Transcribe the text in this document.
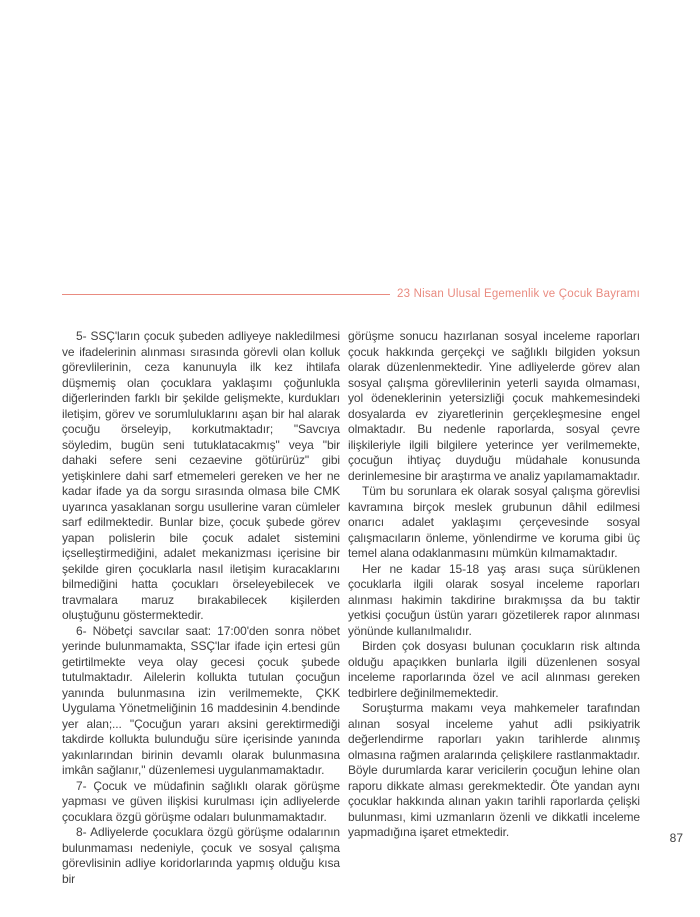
23 Nisan Ulusal Egemenlik ve Çocuk Bayramı

5- SSÇ'ların çocuk şubeden adliyeye nakledilmesi ve ifadelerinin alınması sırasında görevli olan kolluk görevlilerinin, ceza kanunuyla ilk kez ihtilafa düşmemiş olan çocuklara yaklaşımı çoğunlukla diğerlerinden farklı bir şekilde gelişmekte, kurdukları iletişim, görev ve sorumluluklarını aşan bir hal alarak çocuğu örseleyip, korkutmaktadır; "Savcıya söyledim, bugün seni tutuklatacakmış" veya "bir dahaki sefere seni cezaevine götürürüz" gibi yetişkinlere dahi sarf etmemeleri gereken ve her ne kadar ifade ya da sorgu sırasında olmasa bile CMK uyarınca yasaklanan sorgu usullerine varan cümleler sarf edilmektedir. Bunlar bize, çocuk şubede görev yapan polislerin bile çocuk adalet sistemini içselleştirmediğini, adalet mekanizması içerisine bir şekilde giren çocuklarla nasıl iletişim kuracaklarını bilmediğini hatta çocukları örseleyebilecek ve travmalara maruz bırakabilecek kişilerden oluştuğunu göstermektedir.

6- Nöbetçi savcılar saat: 17:00'den sonra nöbet yerinde bulunmamakta, SSÇ'lar ifade için ertesi gün getirtilmekte veya olay gecesi çocuk şubede tutulmaktadır. Ailelerin kollukta tutulan çocuğun yanında bulunmasına izin verilmemekte, ÇKK Uygulama Yönetmeliğinin 16 maddesinin 4.bendinde yer alan;... "Çocuğun yararı aksini gerektirmediği takdirde kollukta bulunduğu süre içerisinde yanında yakınlarından birinin devamlı olarak bulunmasına imkân sağlanır," düzenlemesi uygulanmamaktadır.

7- Çocuk ve müdafinin sağlıklı olarak görüşme yapması ve güven ilişkisi kurulması için adliyelerde çocuklara özgü görüşme odaları bulunmamaktadır.

8- Adliyelerde çocuklara özgü görüşme odalarının bulunmaması nedeniyle, çocuk ve sosyal çalışma görevlisinin adliye koridorlarında yapmış olduğu kısa bir

görüşme sonucu hazırlanan sosyal inceleme raporları çocuk hakkında gerçekçi ve sağlıklı bilgiden yoksun olarak düzenlenmektedir. Yine adliyelerde görev alan sosyal çalışma görevlilerinin yeterli sayıda olmaması, yol ödeneklerinin yetersizliği çocuk mahkemesindeki dosyalarda ev ziyaretlerinin gerçekleşmesine engel olmaktadır. Bu nedenle raporlarda, sosyal çevre ilişkileriyle ilgili bilgilere yeterince yer verilmemekte, çocuğun ihtiyaç duyduğu müdahale konusunda derinlemesine bir araştırma ve analiz yapılamamaktadır.

Tüm bu sorunlara ek olarak sosyal çalışma görevlisi kavramına birçok meslek grubunun dâhil edilmesi onarıcı adalet yaklaşımı çerçevesinde sosyal çalışmacıların önleme, yönlendirme ve koruma gibi üç temel alana odaklanmasını mümkün kılmamaktadır.

Her ne kadar 15-18 yaş arası suça sürüklenen çocuklarla ilgili olarak sosyal inceleme raporları alınması hakimin takdirine bırakmışsa da bu taktir yetkisi çocuğun üstün yararı gözetilerek rapor alınması yönünde kullanılmalıdır.

Birden çok dosyası bulunan çocukların risk altında olduğu apaçıkken bunlarla ilgili düzenlenen sosyal inceleme raporlarında özel ve acil alınması gereken tedbirlere değinilmemektedir.

Soruşturma makamı veya mahkemeler tarafından alınan sosyal inceleme yahut adli psikiyatrik değerlendirme raporları yakın tarihlerde alınmış olmasına rağmen aralarında çelişkilere rastlanmaktadır. Böyle durumlarda karar vericilerin çocuğun lehine olan raporu dikkate alması gerekmektedir. Öte yandan aynı çocuklar hakkında alınan yakın tarihli raporlarda çelişki bulunması, kimi uzmanların özenli ve dikkatli inceleme yapmadığına işaret etmektedir.	87
